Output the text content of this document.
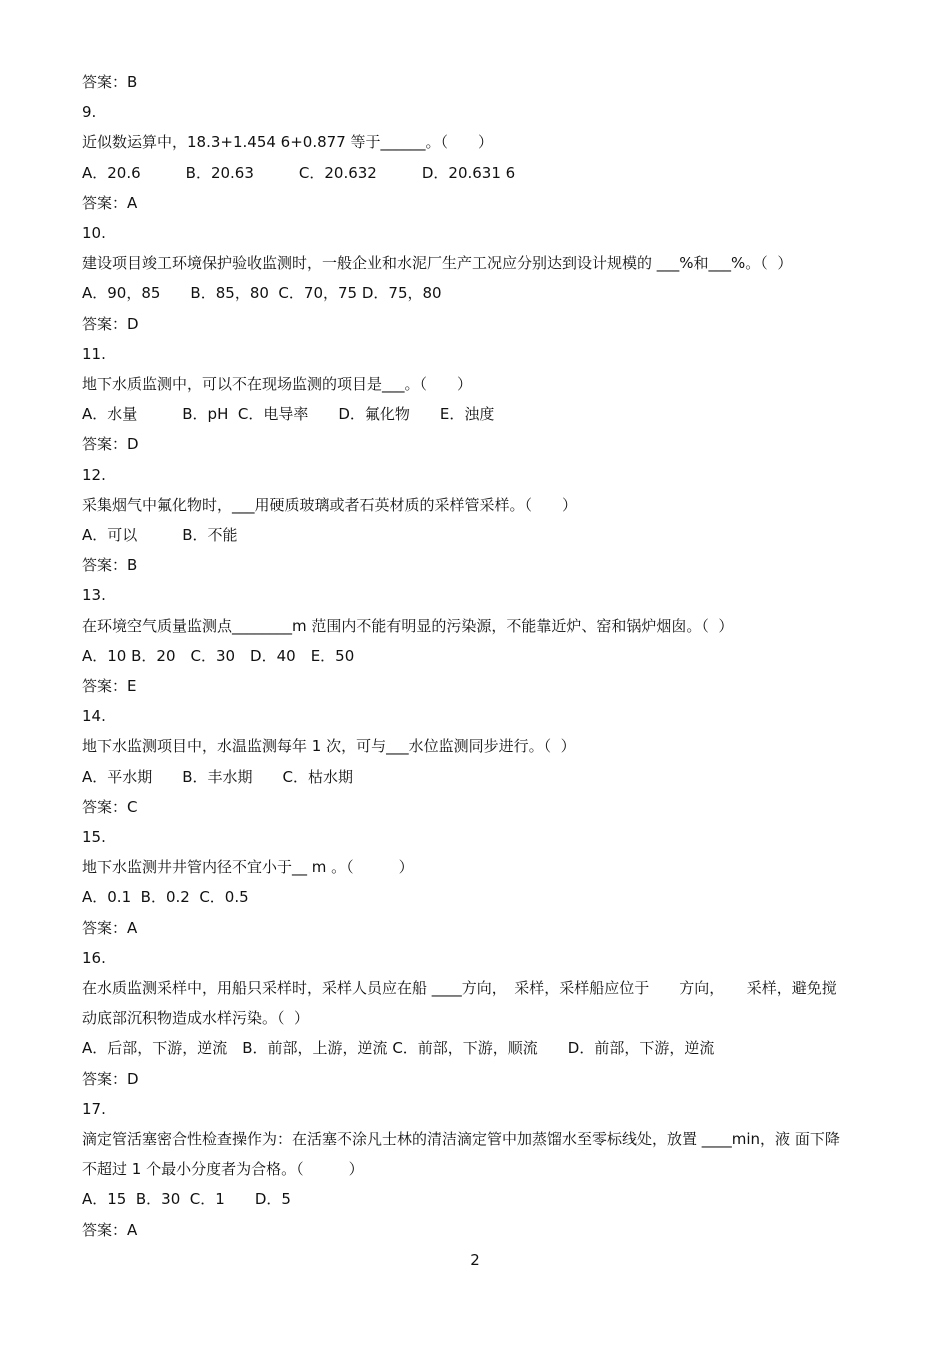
答案：B
9.
近似数运算中，18.3+1.454 6+0.877 等于______。（　　）
A．20.6　　　B．20.63　　　C．20.632　　　D．20.631 6
答案：A
10.
建设项目竣工环境保护验收监测时，一般企业和水泥厂生产工况应分别达到设计规模的 ___%和___%。（  ）
A．90，85　　B．85，80  C．70，75 D．75，80
答案：D
11.
地下水质监测中，可以不在现场监测的项目是___。（　　）
A．水量　　　B．pH  C．电导率　　D．氟化物　　E．浊度
答案：D
12.
采集烟气中氟化物时，___用硬质玻璃或者石英材质的采样管采样。（　　）
A．可以　　　B．不能
答案：B
13.
在环境空气质量监测点________m 范围内不能有明显的污染源，不能靠近炉、窑和锅炉烟囱。（  ）
A．10 B．20　C．30　D．40　E．50
答案：E
14.
地下水监测项目中，水温监测每年 1 次，可与___水位监测同步进行。（  ）
A．平水期　　B．丰水期　　C．枯水期
答案：C
15.
地下水监测井井管内径不宜小于__ m 。（　　　）
A．0.1  B．0.2  C．0.5
答案：A
16.
在水质监测采样中，用船只采样时，采样人员应在船 ____方向，　采样，采样船应位于　　方向，　　采样，避免搅
动底部沉积物造成水样污染。（  ）
A．后部，下游，逆流　B．前部，上游，逆流 C．前部，下游，顺流　　D．前部，下游，逆流
答案：D
17.
滴定管活塞密合性检查操作为：在活塞不涂凡士林的清洁滴定管中加蒸馏水至零标线处，放置 ____min，液 面下降
不超过 1 个最小分度者为合格。（　　　）
A．15  B．30  C．1　　D．5
答案：A
2
